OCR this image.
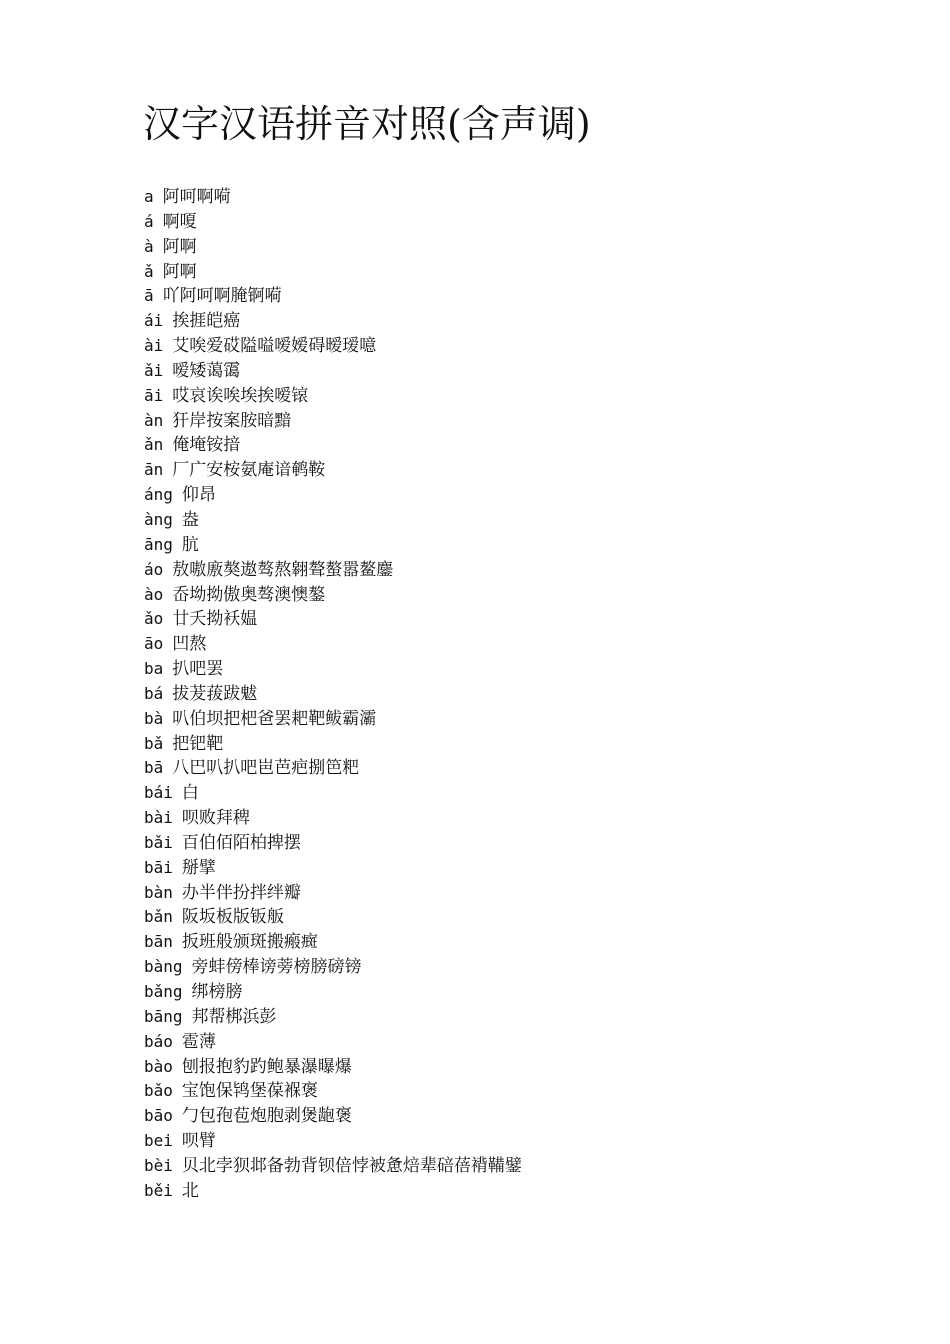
汉字汉语拼音对照(含声调)
a 阿呵啊嗬
á 啊嗄
à 阿啊
ǎ 阿啊
ā 吖阿呵啊腌锕嗬
ái 挨捱皑癌
ài 艾唉爱砹隘嗌嗳嫒碍暧瑷噫
ǎi 嗳矮蔼霭
āi 哎哀诶唉埃挨嗳锿
àn 犴岸按案胺暗黯
ǎn 俺埯铵揞
ān 厂广安桉氨庵谙鹌鞍
áng 仰昂
àng 盎
āng 肮
áo 敖嗷廒獒遨骜熬翱聱螯嚣鳌鏖
ào 岙坳拗傲奥骜澳懊鏊
ǎo 廿夭拗袄媪
āo 凹熬
ba 扒吧罢
bá 拔茇菝跋魃
bà 叭伯坝把杷爸罢耙靶鲅霸灞
bǎ 把钯靶
bā 八巴叭扒吧岜芭疤捌笆粑
bái 白
bài 呗败拜稗
bǎi 百伯佰陌柏捭摆
bāi 掰擘
bàn 办半伴扮拌绊瓣
bǎn 阪坂板版钣舨
bān 扳班般颁斑搬瘢癍
bàng 旁蚌傍棒谤蒡榜膀磅镑
bǎng 绑榜膀
bāng 邦帮梆浜彭
báo 雹薄
bào 刨报抱豹趵鲍暴瀑曝爆
bǎo 宝饱保鸨堡葆褓褒
bāo 勹包孢苞炮胞剥煲龅褒
bei 呗臂
bèi 贝北孛狈邶备勃背钡倍悖被惫焙辈碚蓓褙鞴鐾
běi 北
